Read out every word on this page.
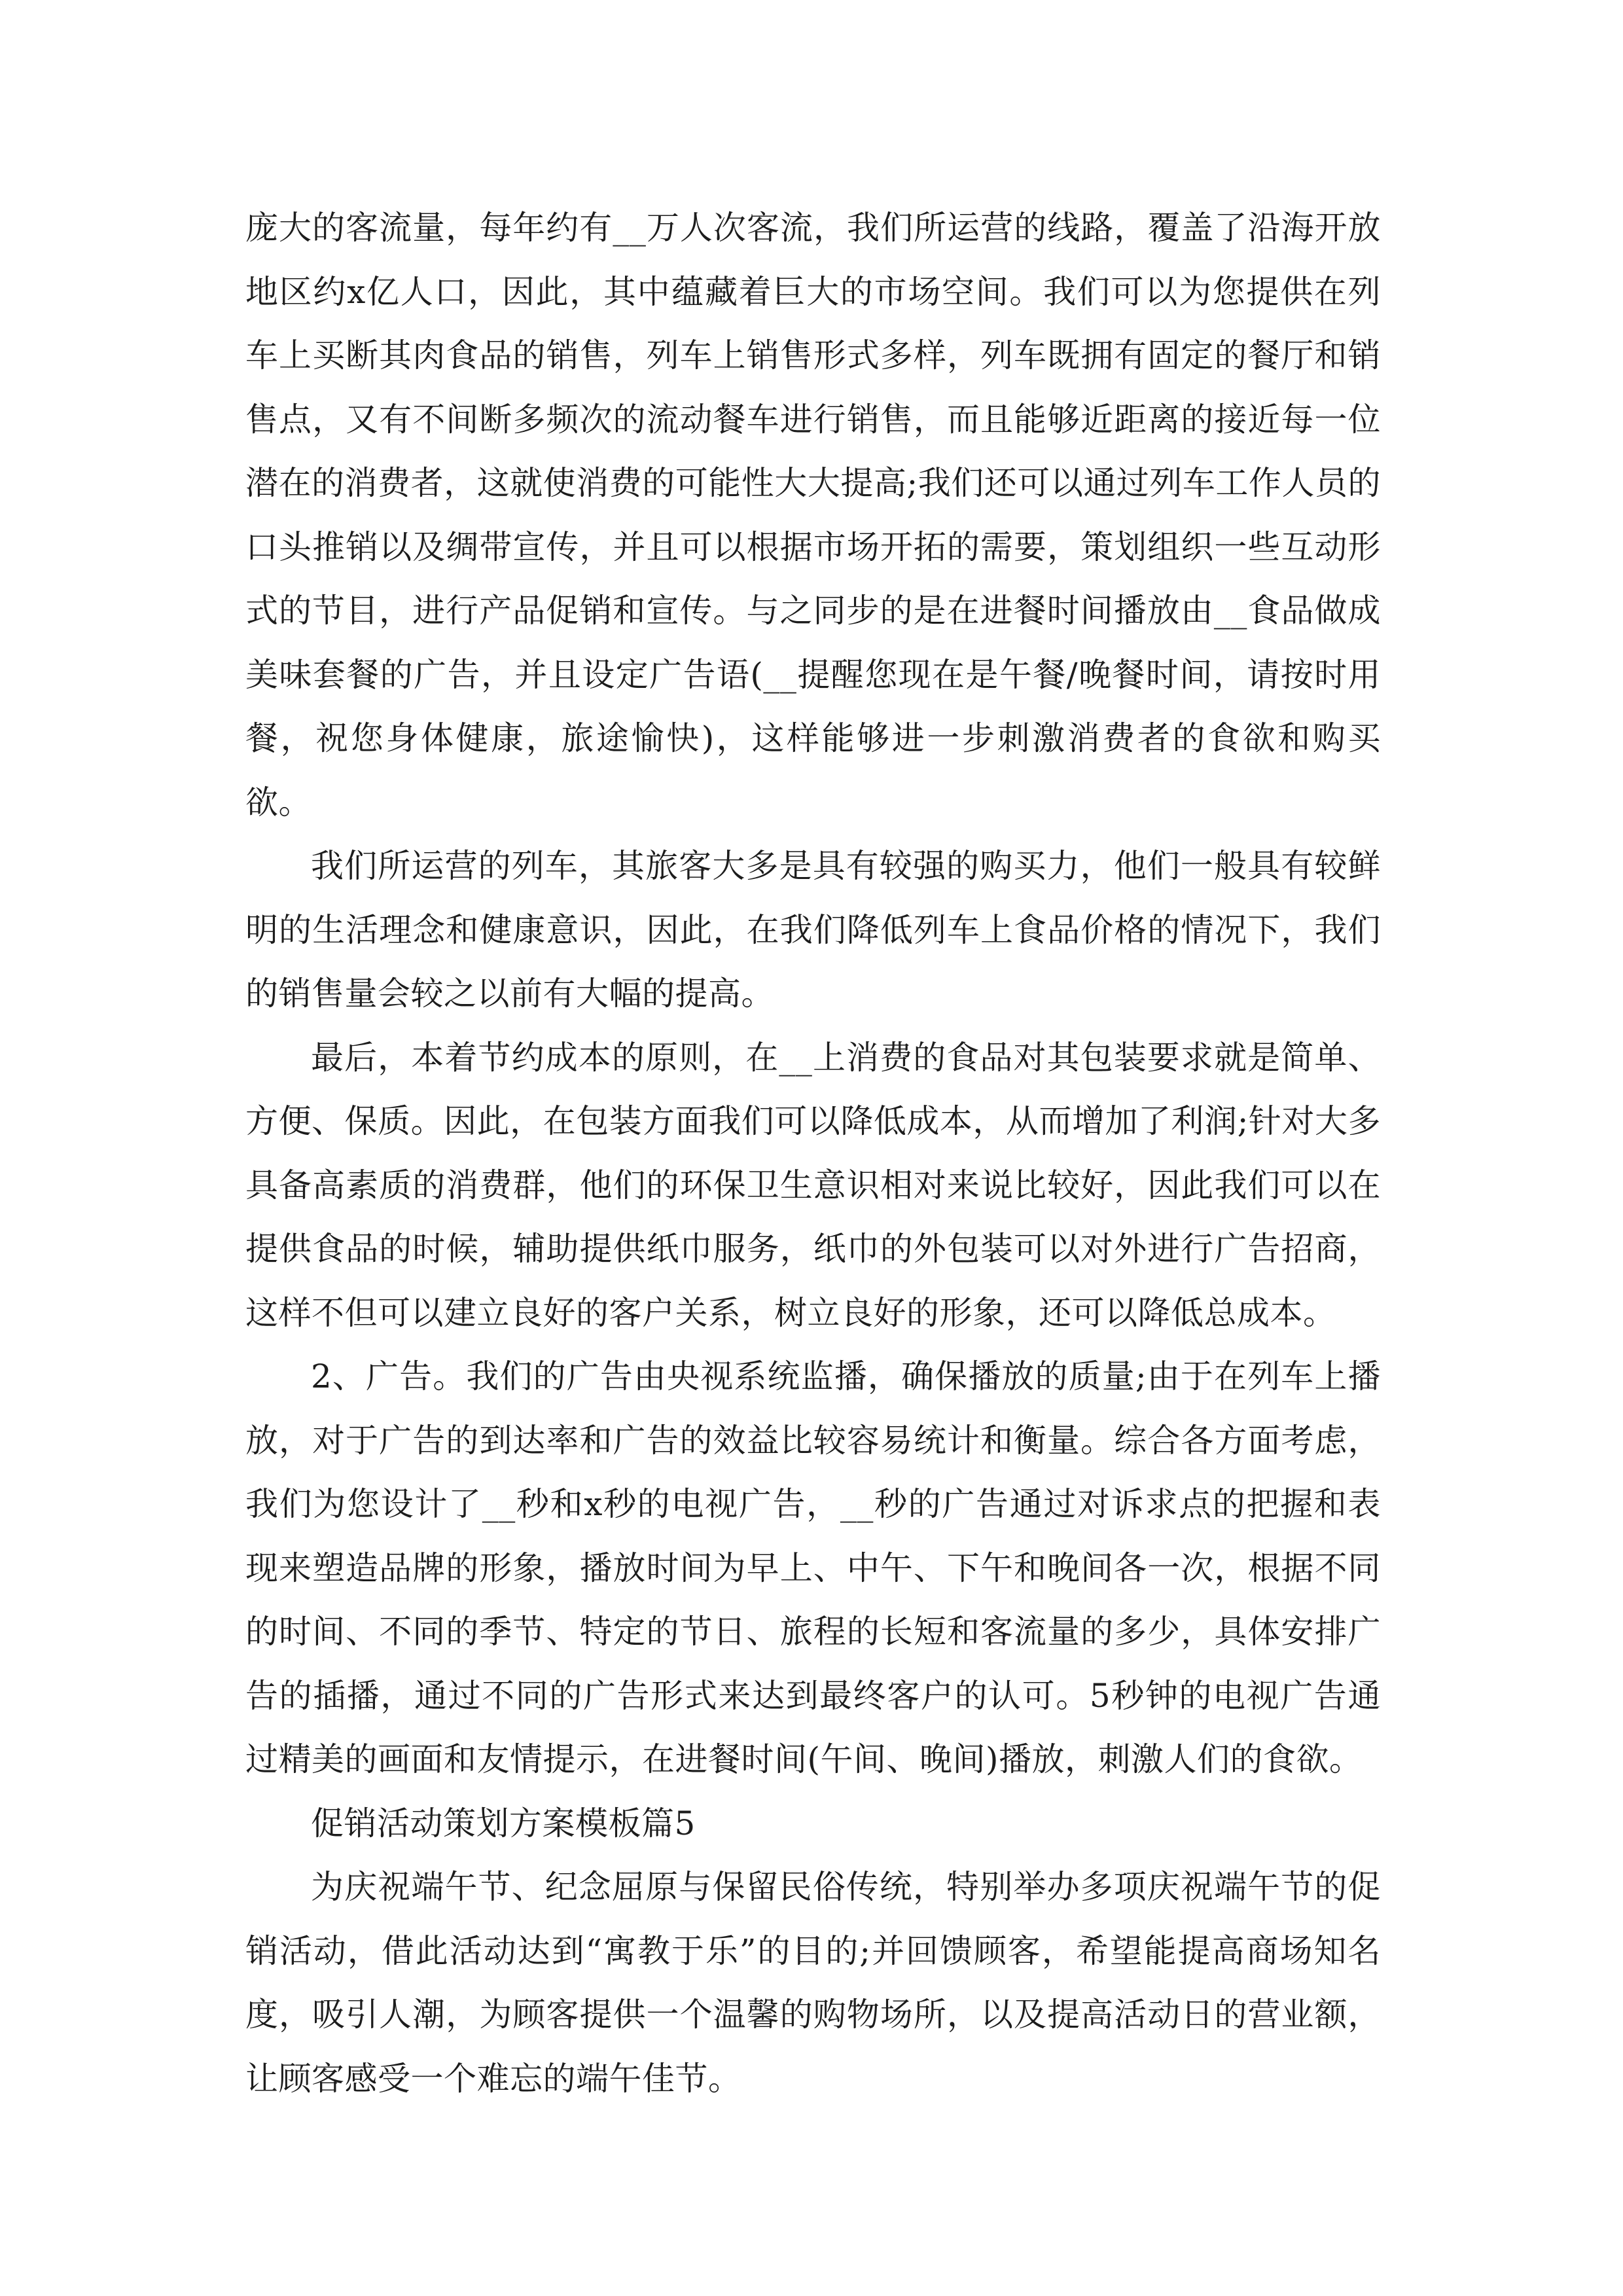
庞大的客流量，每年约有__万人次客流，我们所运营的线路，覆盖了沿海开放地区约x亿人口，因此，其中蕴藏着巨大的市场空间。我们可以为您提供在列车上买断其肉食品的销售，列车上销售形式多样，列车既拥有固定的餐厅和销售点，又有不间断多频次的流动餐车进行销售，而且能够近距离的接近每一位潜在的消费者，这就使消费的可能性大大提高;我们还可以通过列车工作人员的口头推销以及绸带宣传，并且可以根据市场开拓的需要，策划组织一些互动形式的节目，进行产品促销和宣传。与之同步的是在进餐时间播放由__食品做成美味套餐的广告，并且设定广告语(__提醒您现在是午餐/晚餐时间，请按时用餐，祝您身体健康，旅途愉快)，这样能够进一步刺激消费者的食欲和购买欲。

我们所运营的列车，其旅客大多是具有较强的购买力，他们一般具有较鲜明的生活理念和健康意识，因此，在我们降低列车上食品价格的情况下，我们的销售量会较之以前有大幅的提高。

最后，本着节约成本的原则，在__上消费的食品对其包装要求就是简单、方便、保质。因此，在包装方面我们可以降低成本，从而增加了利润;针对大多具备高素质的消费群，他们的环保卫生意识相对来说比较好，因此我们可以在提供食品的时候，辅助提供纸巾服务，纸巾的外包装可以对外进行广告招商，这样不但可以建立良好的客户关系，树立良好的形象，还可以降低总成本。

2、广告。我们的广告由央视系统监播，确保播放的质量;由于在列车上播放，对于广告的到达率和广告的效益比较容易统计和衡量。综合各方面考虑，我们为您设计了__秒和x秒的电视广告，__秒的广告通过对诉求点的把握和表现来塑造品牌的形象，播放时间为早上、中午、下午和晚间各一次，根据不同的时间、不同的季节、特定的节日、旅程的长短和客流量的多少，具体安排广告的插播，通过不同的广告形式来达到最终客户的认可。5秒钟的电视广告通过精美的画面和友情提示，在进餐时间(午间、晚间)播放，刺激人们的食欲。

促销活动策划方案模板篇5

为庆祝端午节、纪念屈原与保留民俗传统，特别举办多项庆祝端午节的促销活动，借此活动达到“寓教于乐”的目的;并回馈顾客，希望能提高商场知名度，吸引人潮，为顾客提供一个温馨的购物场所，以及提高活动日的营业额，让顾客感受一个难忘的端午佳节。
